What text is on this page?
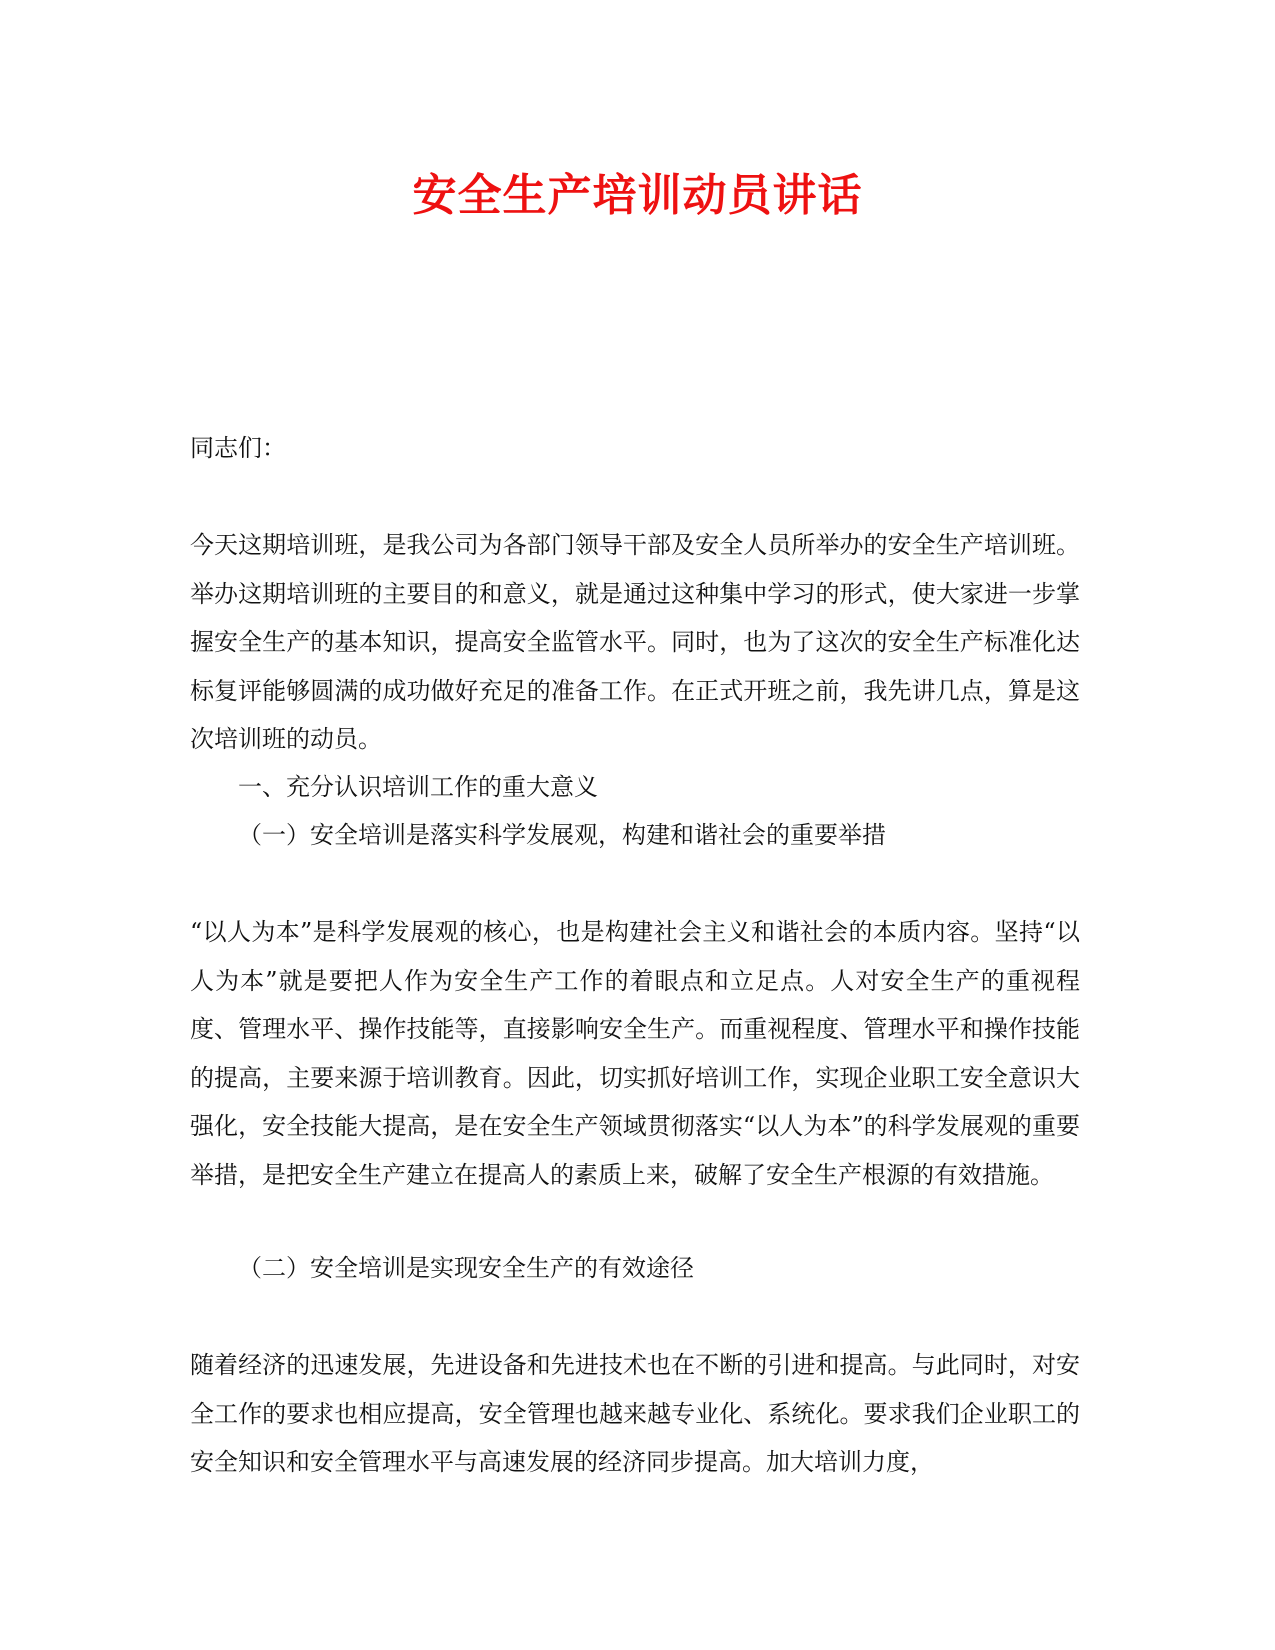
安全生产培训动员讲话

同志们：

今天这期培训班，是我公司为各部门领导干部及安全人员所举办的安全生产培训班。举办这期培训班的主要目的和意义，就是通过这种集中学习的形式，使大家进一步掌握安全生产的基本知识，提高安全监管水平。同时，也为了这次的安全生产标准化达标复评能够圆满的成功做好充足的准备工作。在正式开班之前，我先讲几点，算是这次培训班的动员。

一、充分认识培训工作的重大意义

（一）安全培训是落实科学发展观，构建和谐社会的重要举措

“以人为本”是科学发展观的核心，也是构建社会主义和谐社会的本质内容。坚持“以人为本”就是要把人作为安全生产工作的着眼点和立足点。人对安全生产的重视程度、管理水平、操作技能等，直接影响安全生产。而重视程度、管理水平和操作技能的提高，主要来源于培训教育。因此，切实抓好培训工作，实现企业职工安全意识大强化，安全技能大提高，是在安全生产领域贯彻落实“以人为本”的科学发展观的重要举措，是把安全生产建立在提高人的素质上来，破解了安全生产根源的有效措施。

（二）安全培训是实现安全生产的有效途径

随着经济的迅速发展，先进设备和先进技术也在不断的引进和提高。与此同时，对安全工作的要求也相应提高，安全管理也越来越专业化、系统化。要求我们企业职工的安全知识和安全管理水平与高速发展的经济同步提高。加大培训力度，
